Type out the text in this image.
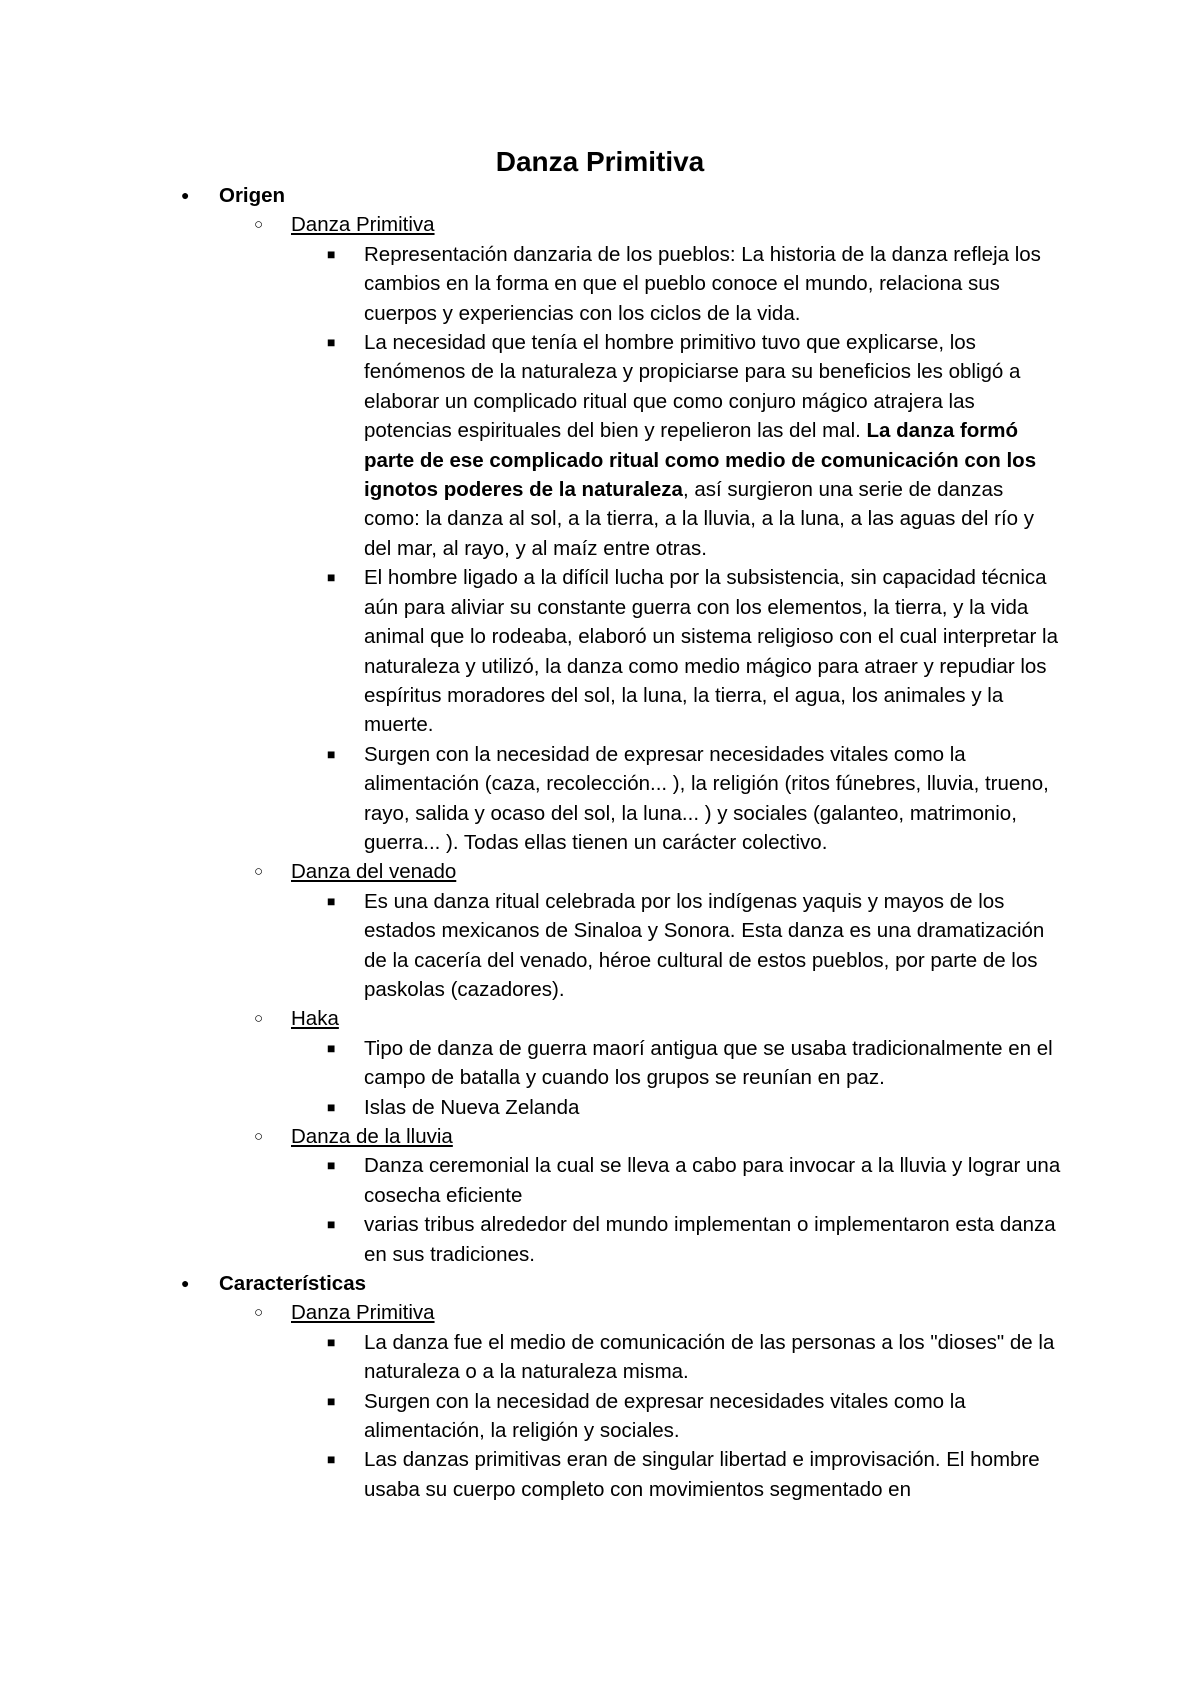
Danza Primitiva
● Origen
○ Danza Primitiva
■ Representación danzaria de los pueblos: La historia de la danza refleja los cambios en la forma en que el pueblo conoce el mundo, relaciona sus cuerpos y experiencias con los ciclos de la vida.
■ La necesidad que tenía el hombre primitivo tuvo que explicarse, los fenómenos de la naturaleza y propiciarse para su beneficios les obligó a elaborar un complicado ritual que como conjuro mágico atrajera las potencias espirituales del bien y repelieron las del mal. La danza formó parte de ese complicado ritual como medio de comunicación con los ignotos poderes de la naturaleza, así surgieron una serie de danzas como: la danza al sol, a la tierra, a la lluvia, a la luna, a las aguas del río y del mar, al rayo, y al maíz entre otras.
■ El hombre ligado a la difícil lucha por la subsistencia, sin capacidad técnica aún para aliviar su constante guerra con los elementos, la tierra, y la vida animal que lo rodeaba, elaboró un sistema religioso con el cual interpretar la naturaleza y utilizó, la danza como medio mágico para atraer y repudiar los espíritus moradores del sol, la luna, la tierra, el agua, los animales y la muerte.
■ Surgen con la necesidad de expresar necesidades vitales como la alimentación (caza, recolección... ), la religión (ritos fúnebres, lluvia, trueno, rayo, salida y ocaso del sol, la luna... ) y sociales (galanteo, matrimonio, guerra... ). Todas ellas tienen un carácter colectivo.
○ Danza del venado
■ Es una danza ritual celebrada por los indígenas yaquis y mayos de los estados mexicanos de Sinaloa y Sonora. Esta danza es una dramatización de la cacería del venado, héroe cultural de estos pueblos, por parte de los paskolas (cazadores).
○ Haka
■ Tipo de danza de guerra maorí antigua que se usaba tradicionalmente en el campo de batalla y cuando los grupos se reunían en paz.
■ Islas de Nueva Zelanda
○ Danza de la lluvia
■ Danza ceremonial la cual se lleva a cabo para invocar a la lluvia y lograr una cosecha eficiente
■ varias tribus alrededor del mundo implementan o implementaron esta danza en sus tradiciones.
● Características
○ Danza Primitiva
■ La danza fue el medio de comunicación de las personas a los "dioses" de la naturaleza o a la naturaleza misma.
■ Surgen con la necesidad de expresar necesidades vitales como la alimentación, la religión y sociales.
■ Las danzas primitivas eran de singular libertad e improvisación. El hombre usaba su cuerpo completo con movimientos segmentado en
